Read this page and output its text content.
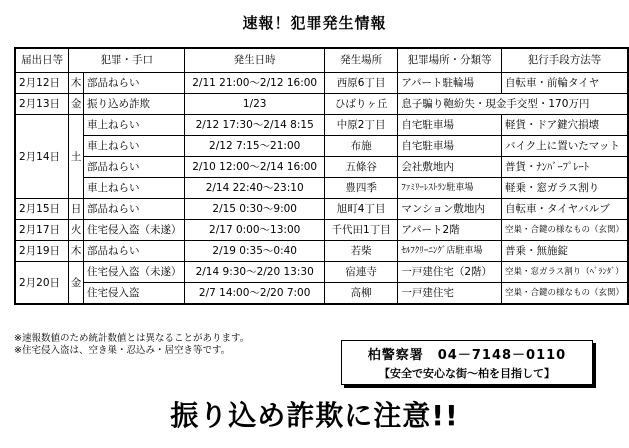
速報！犯罪発生情報
届出日等	犯罪・手口		発生日時	発生場所	犯罪場所・分類等	犯行手段方法等
2月12日	木	部品ねらい	2/11 21:00～2/12 16:00	西原6丁目	アパート駐輪場	自転車・前輪タイヤ
2月13日	金	振り込め詐欺	1/23	ひばりヶ丘	息子騙り鞄紛失・現金手交型・170万円	
2月14日	土	車上ねらい	2/12 17:30～2/14 8:15	中原2丁目	自宅駐車場	軽貨・ドア鍵穴損壊
		車上ねらい	2/12 7:15～21:00	布施	自宅駐車場	バイク上に置いたマット
		部品ねらい	2/10 12:00～2/14 16:00	五條谷	会社敷地内	普貨・ﾅﾝﾊﾞｰﾌﾟﾚｰﾄ
		車上ねらい	2/14 22:40～23:10	豊四季	ﾌｧﾐﾘｰﾚｽﾄﾗﾝ駐車場	軽乗・窓ガラス割り
2月15日	日	部品ねらい	2/15 0:30～9:00	旭町4丁目	マンション敷地内	自転車・タイヤバルブ
2月17日	火	住宅侵入盗（未遂）	2/17 0:00～13:00	千代田1丁目	アパート2階	空巣・合鍵の様なもの（玄関）
2月19日	木	部品ねらい	2/19 0:35～0:40	若柴	ｾﾙﾌｸﾘｰﾆﾝｸﾞ店駐車場	普乗・無施錠
2月20日	金	住宅侵入盗（未遂）	2/14 9:30～2/20 13:30	宿連寺	一戸建住宅（2階）	空巣・窓ガラス割り（ﾍﾞﾗﾝﾀﾞ）
		住宅侵入盗	2/7 14:00～2/20 7:00	高柳	一戸建住宅	空巣・合鍵の様なもの（玄関）
※速報数値のため統計数値とは異なることがあります。
※住宅侵入盗は、空き巣・忍込み・居空き等です。	柏警察署　04－7148－0110
【安全で安心な街～柏を目指して】
振り込め詐欺に注意!!
